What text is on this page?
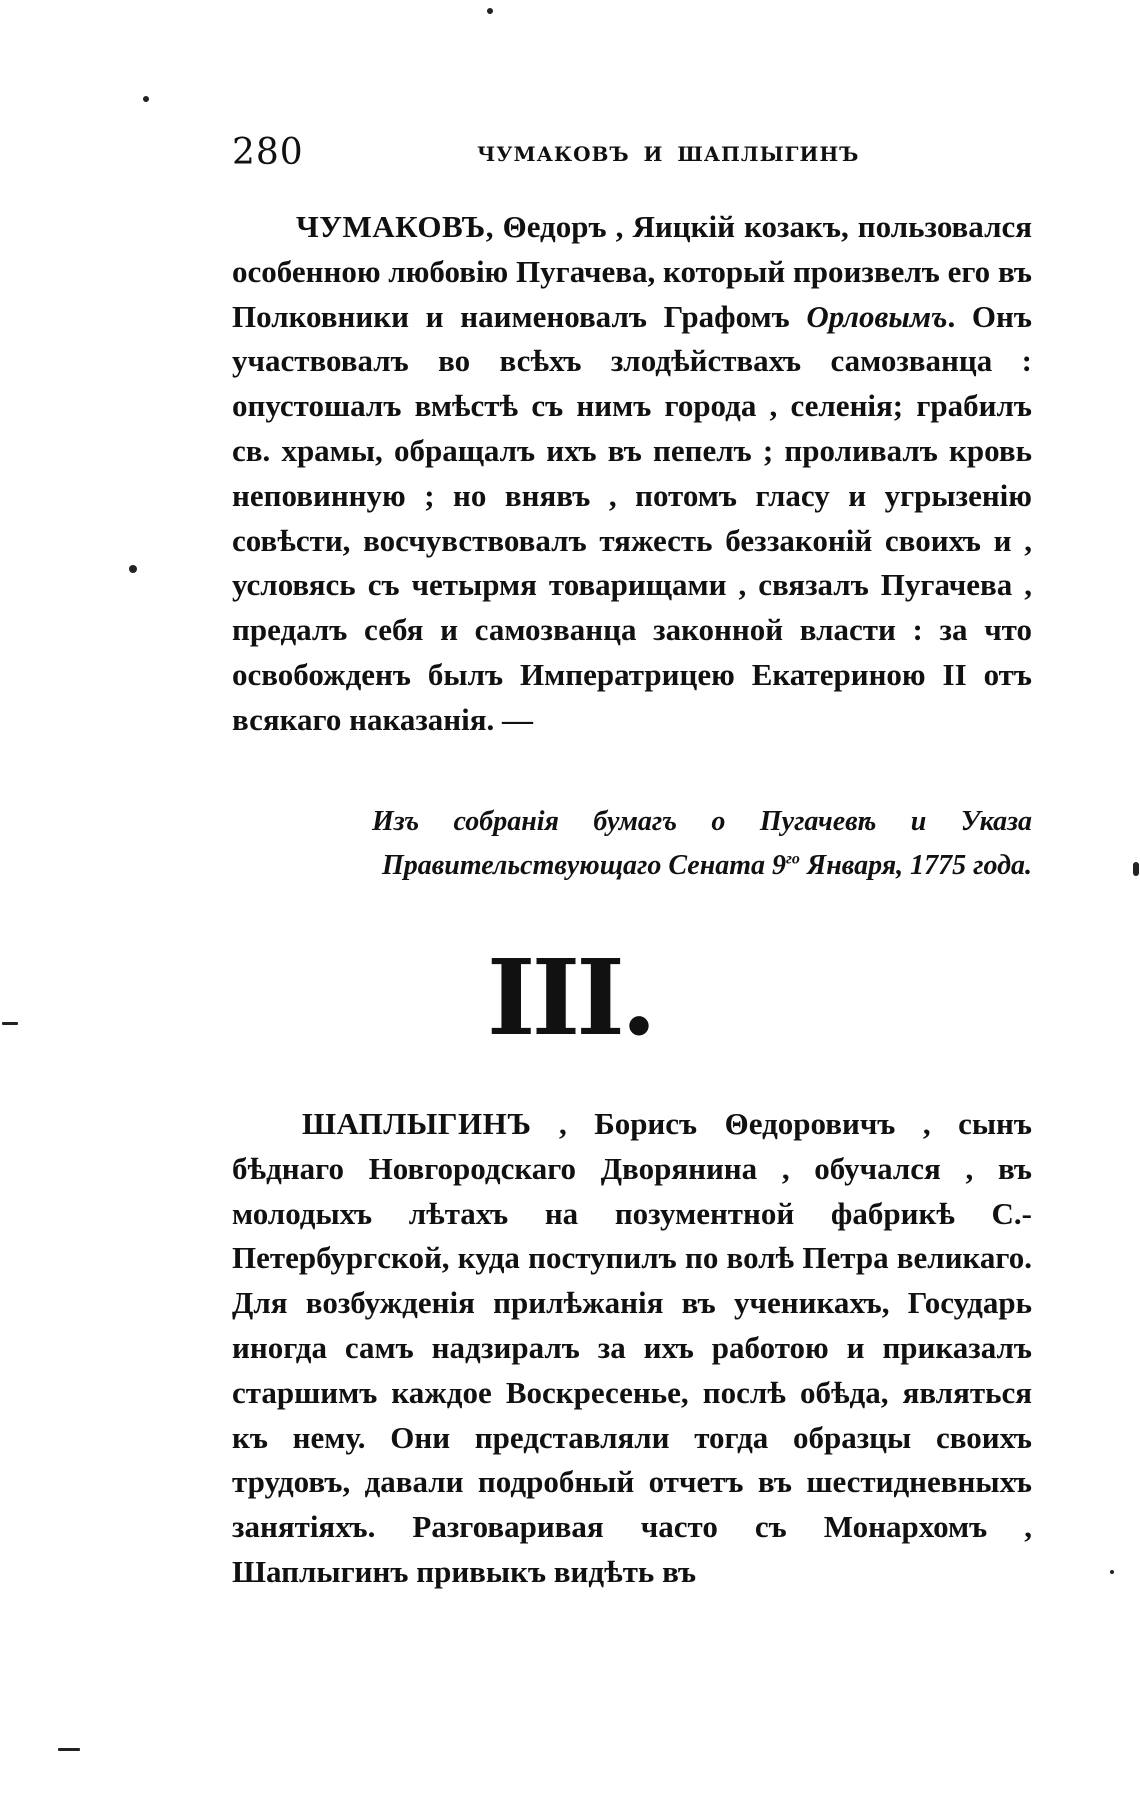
280	ЧУМАКОВЪ И ШАПЛЫГИНЪ

ЧУМАКОВЪ, Θедоръ , Яицкій козакъ, пользовался особенною любовію Пугачева, который произвелъ его въ Полковники и наименовалъ Графомъ Орловымъ. Онъ участвовалъ во всѣхъ злодѣйствахъ самозванца : опустошалъ вмѣстѣ съ нимъ города , селенія; грабилъ св. храмы, обращалъ ихъ въ пепелъ ; проливалъ кровь неповинную ; но внявъ , потомъ гласу и угрызенію совѣсти, восчувствовалъ тяжесть беззаконій своихъ и , условясь съ четырмя товарищами , связалъ Пугачева , предалъ себя и самозванца законной власти : за что освобожденъ былъ Императрицею Екатериною II отъ всякаго наказанія. —

Изъ собранія бумагъ о Пугачевѣ и Указа Правительствующаго Сената $9^{го}$ Января, 1775 года.
III.

ШАПЛЫГИНЪ , Борисъ Θедоровичъ , сынъ бѣднаго Новгородскаго Дворянина , обучался , въ молодыхъ лѣтахъ на позументной фабрикѣ С.-Петербургской, куда поступилъ по волѣ Петра великаго. Для возбужденія прилѣжанія въ ученикахъ, Государь иногда самъ надзиралъ за ихъ работою и приказалъ старшимъ каждое Воскресенье, послѣ обѣда, являться къ нему. Они представляли тогда образцы своихъ трудовъ, давали подробный отчетъ въ шестидневныхъ занятіяхъ. Разговаривая часто съ Монархомъ , Шаплыгинъ привыкъ видѣть въ
